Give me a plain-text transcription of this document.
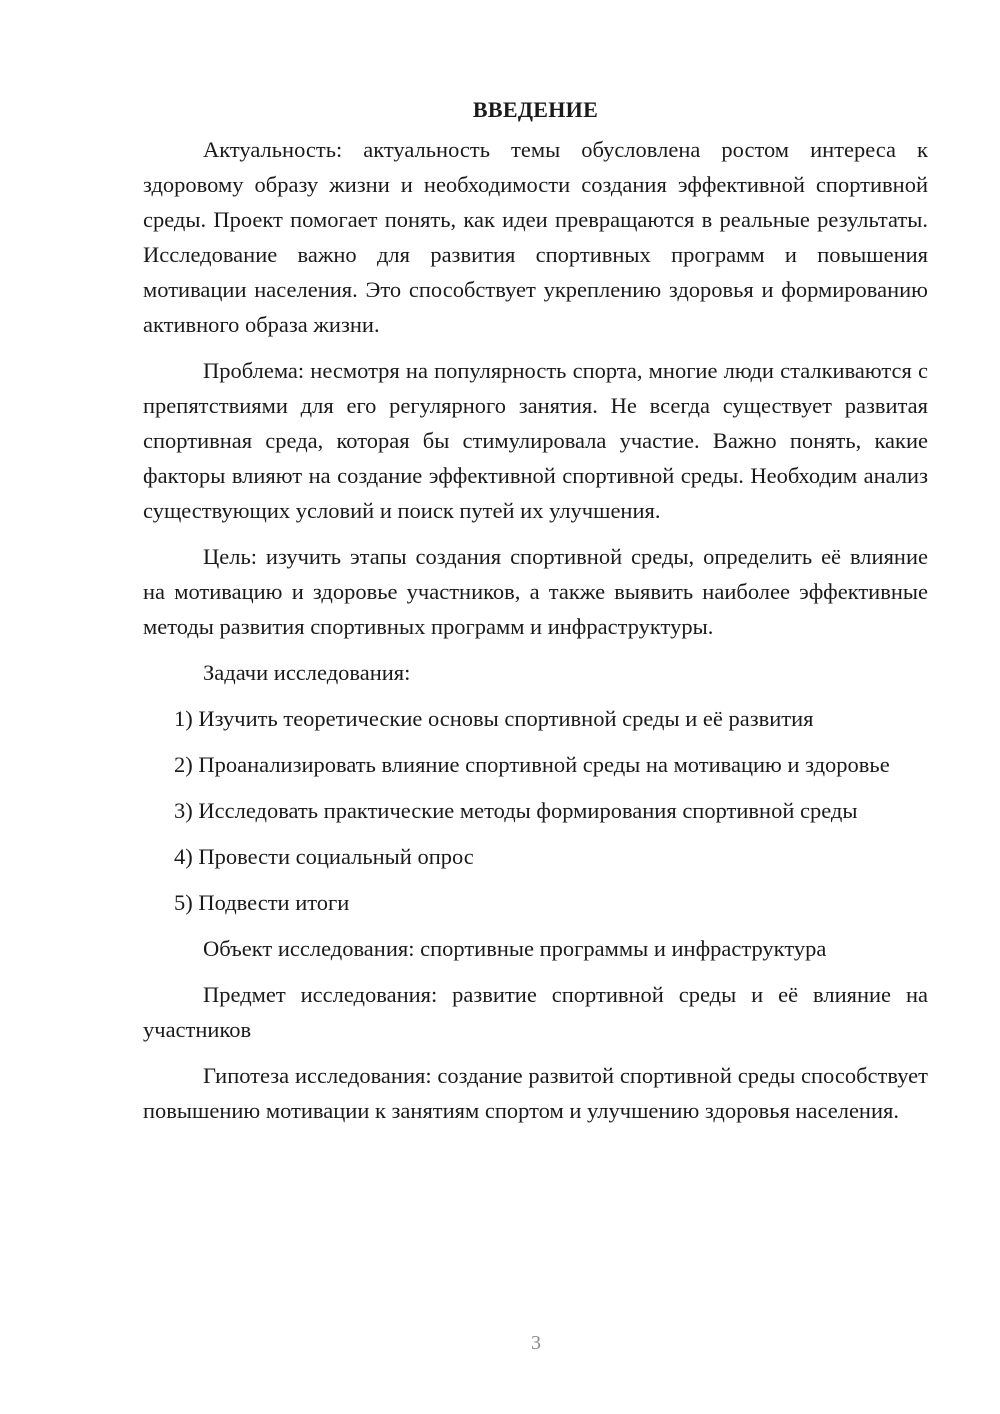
ВВЕДЕНИЕ

Актуальность: актуальность темы обусловлена ростом интереса к здоровому образу жизни и необходимости создания эффективной спортивной среды. Проект помогает понять, как идеи превращаются в реальные результаты. Исследование важно для развития спортивных программ и повышения мотивации населения. Это способствует укреплению здоровья и формированию активного образа жизни.

Проблема: несмотря на популярность спорта, многие люди сталкиваются с препятствиями для его регулярного занятия. Не всегда существует развитая спортивная среда, которая бы стимулировала участие. Важно понять, какие факторы влияют на создание эффективной спортивной среды. Необходим анализ существующих условий и поиск путей их улучшения.

Цель: изучить этапы создания спортивной среды, определить её влияние на мотивацию и здоровье участников, а также выявить наиболее эффективные методы развития спортивных программ и инфраструктуры.

Задачи исследования:

1) Изучить теоретические основы спортивной среды и её развития

2) Проанализировать влияние спортивной среды на мотивацию и здоровье

3) Исследовать практические методы формирования спортивной среды

4) Провести социальный опрос

5) Подвести итоги

Объект исследования: спортивные программы и инфраструктура

Предмет исследования: развитие спортивной среды и её влияние на участников

Гипотеза исследования: создание развитой спортивной среды способствует повышению мотивации к занятиям спортом и улучшению здоровья населения.

3
